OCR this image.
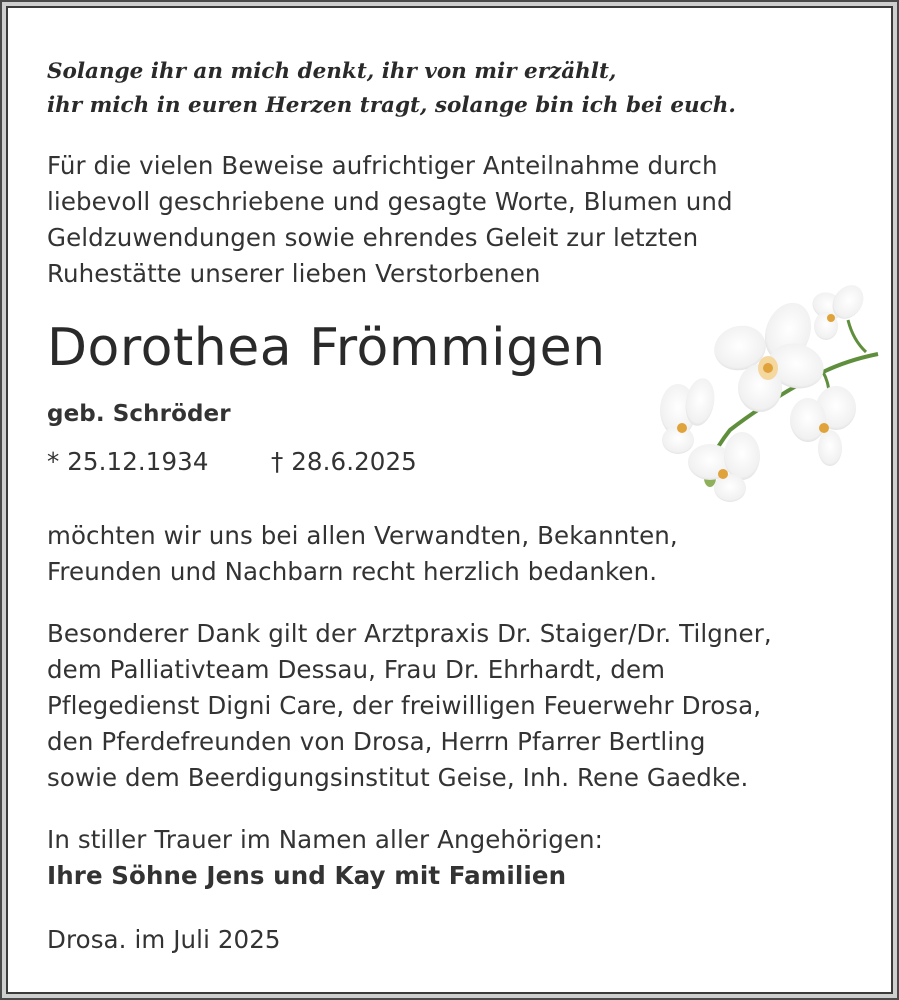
Solange ihr an mich denkt, ihr von mir erzählt,
ihr mich in euren Herzen tragt, solange bin ich bei euch.
Für die vielen Beweise aufrichtiger Anteilnahme durch
liebevoll geschriebene und gesagte Worte, Blumen und
Geldzuwendungen sowie ehrendes Geleit zur letzten
Ruhestätte unserer lieben Verstorbenen
Dorothea Frömmigen
geb. Schröder
* 25.12.1934	† 28.6.2025
möchten wir uns bei allen Verwandten, Bekannten,
Freunden und Nachbarn recht herzlich bedanken.
Besonderer Dank gilt der Arztpraxis Dr. Staiger/Dr. Tilgner,
dem Palliativteam Dessau, Frau Dr. Ehrhardt, dem
Pflegedienst Digni Care, der freiwilligen Feuerwehr Drosa,
den Pferdefreunden von Drosa, Herrn Pfarrer Bertling
sowie dem Beerdigungsinstitut Geise, Inh. Rene Gaedke.
In stiller Trauer im Namen aller Angehörigen:
Ihre Söhne Jens und Kay mit Familien
Drosa. im Juli 2025
